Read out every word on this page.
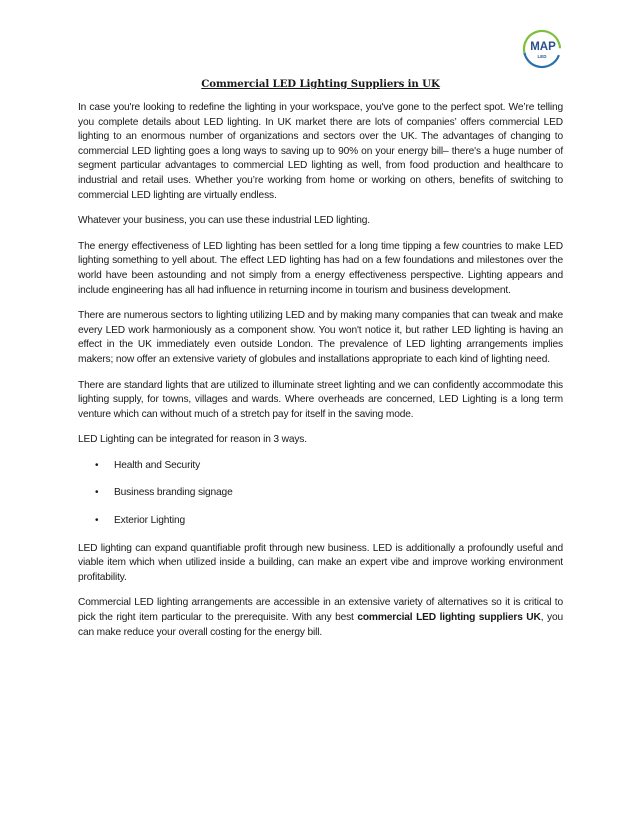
MAP
LED
Commercial LED Lighting Suppliers in UK

In case you're looking to redefine the lighting in your workspace, you've gone to the perfect spot. We’re telling you complete details about LED lighting. In UK market there are lots of companies’ offers commercial LED lighting to an enormous number of organizations and sectors over the UK. The advantages of changing to commercial LED lighting goes a long ways to saving up to 90% on your energy bill– there's a huge number of segment particular advantages to commercial LED lighting as well, from food production and healthcare to industrial and retail uses. Whether you’re working from home or working on others, benefits of switching to commercial LED lighting are virtually endless.

Whatever your business, you can use these industrial LED lighting.

The energy effectiveness of LED lighting has been settled for a long time tipping a few countries to make LED lighting something to yell about. The effect LED lighting has had on a few foundations and milestones over the world have been astounding and not simply from a energy effectiveness perspective. Lighting appears and include engineering has all had influence in returning income in tourism and business development.

There are numerous sectors to lighting utilizing LED and by making many companies that can tweak and make every LED work harmoniously as a component show. You won't notice it, but rather LED lighting is having an effect in the UK immediately even outside London. The prevalence of LED lighting arrangements implies makers; now offer an extensive variety of globules and installations appropriate to each kind of lighting need.

There are standard lights that are utilized to illuminate street lighting and we can confidently accommodate this lighting supply, for towns, villages and wards. Where overheads are concerned, LED Lighting is a long term venture which can without much of a stretch pay for itself in the saving mode.

LED Lighting can be integrated for reason in 3 ways.

• Health and Security
• Business branding signage
• Exterior Lighting

LED lighting can expand quantifiable profit through new business. LED is additionally a profoundly useful and viable item which when utilized inside a building, can make an expert vibe and improve working environment profitability.

Commercial LED lighting arrangements are accessible in an extensive variety of alternatives so it is critical to pick the right item particular to the prerequisite. With any best commercial LED lighting suppliers UK, you can make reduce your overall costing for the energy bill.
